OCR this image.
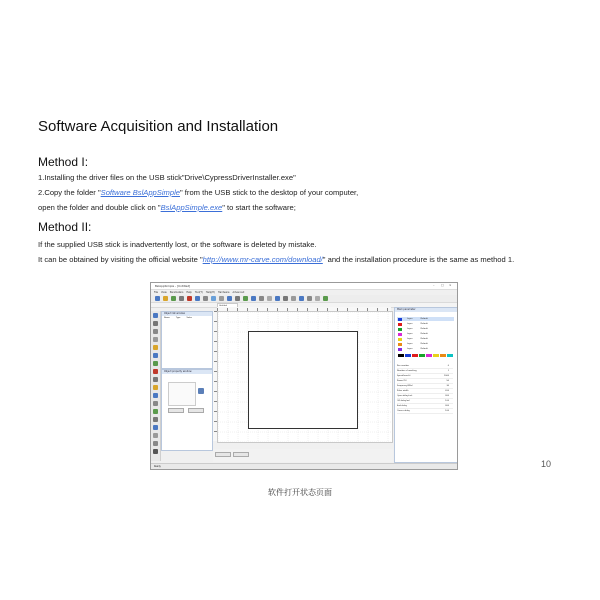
Software Acquisition and Installation
Method I:
1.Installing the driver files on the USB stick"Drive\CypressDriverInstaller.exe"
2.Copy the folder "Software BslAppSimple" from the USB stick to the desktop of your computer,
open the folder and double click on "BslAppSimple.exe" to start the software;
Method II:
If the supplied USB stick is inadvertently lost, or the software is deleted by mistake.
It can be obtained by visiting the official website "http://www.mr-carve.com/download/" and the installation procedure is the same as method 1.
BslAppSimple - [Untitled]	– □ ×
File View Parameters Help Tool(T) Help(H) Hardware Advanced
Object list window
Name	Type	Value
Object property window
Untitled
Mark parameter
Layer	Default
Layer	Default
Layer	Default
Layer	Default
Layer	Default
Layer	Default
Layer	Default
Pen number	0
Number of marking	1
Speed(mm/s)	1000
Power(%)	50
Frequency(KHz)	30
Pulse width	200
Open delay(us)	300
Off delay(us)	100
End delay	300
Corner delay	100
Ready
软件打开状态页面
10
